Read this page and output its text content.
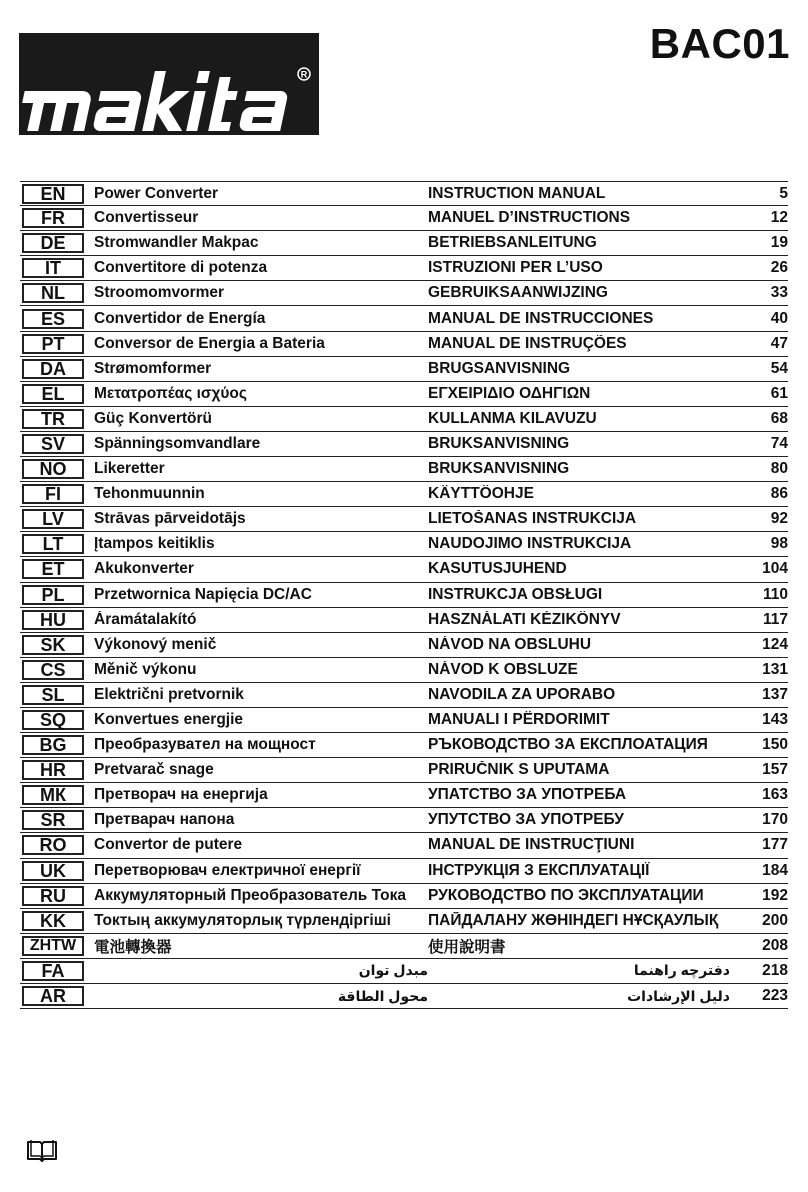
R
BAC01
EN	Power Converter	INSTRUCTION MANUAL	5
FR	Convertisseur	MANUEL D’INSTRUCTIONS	12
DE	Stromwandler Makpac	BETRIEBSANLEITUNG	19
IT	Convertitore di potenza	ISTRUZIONI PER L’USO	26
NL	Stroomomvormer	GEBRUIKSAANWIJZING	33
ES	Convertidor de Energía	MANUAL DE INSTRUCCIONES	40
PT	Conversor de Energia a Bateria	MANUAL DE INSTRUÇÕES	47
DA	Strømomformer	BRUGSANVISNING	54
EL	Μετατροπέας ισχύος	ΕΓΧΕΙΡΙΔΙΟ ΟΔΗΓΙΩΝ	61
TR	Güç Konvertörü	KULLANMA KILAVUZU	68
SV	Spänningsomvandlare	BRUKSANVISNING	74
NO	Likeretter	BRUKSANVISNING	80
FI	Tehonmuunnin	KÄYTTÖOHJE	86
LV	Strāvas pārveidotājs	LIETOŠANAS INSTRUKCIJA	92
LT	Įtampos keitiklis	NAUDOJIMO INSTRUKCIJA	98
ET	Akukonverter	KASUTUSJUHEND	104
PL	Przetwornica Napięcia DC/AC	INSTRUKCJA OBSŁUGI	110
HU	Áramátalakító	HASZNÁLATI KÉZIKÖNYV	117
SK	Výkonový menič	NÁVOD NA OBSLUHU	124
CS	Měnič výkonu	NÁVOD K OBSLUZE	131
SL	Električni pretvornik	NAVODILA ZA UPORABO	137
SQ	Konvertues energjie	MANUALI I PËRDORIMIT	143
BG	Преобразувател на мощност	РЪКОВОДСТВО ЗА ЕКСПЛОАТАЦИЯ	150
HR	Pretvarač snage	PRIRUČNIK S UPUTAMA	157
МК	Претворач на енергија	УПАТСТВО ЗА УПОТРЕБА	163
SR	Претварач напона	УПУТСТВО ЗА УПОТРЕБУ	170
RO	Convertor de putere	MANUAL DE INSTRUCŢIUNI	177
UK	Перетворювач електричної енергії	ІНСТРУКЦІЯ З ЕКСПЛУАТАЦІЇ	184
RU	Аккумуляторный Преобразователь Тока	РУКОВОДСТВО ПО ЭКСПЛУАТАЦИИ	192
KK	Токтың аккумуляторлық түрлендіргіші	ПАЙДАЛАНУ ЖӨНІНДЕГІ НҰСҚАУЛЫҚ	200
ZHTW	電池轉換器	使用說明書	208
FA	مبدل توان	دفترچه راهنما	218
AR	محول الطاقة	دليل الإرشادات	223
